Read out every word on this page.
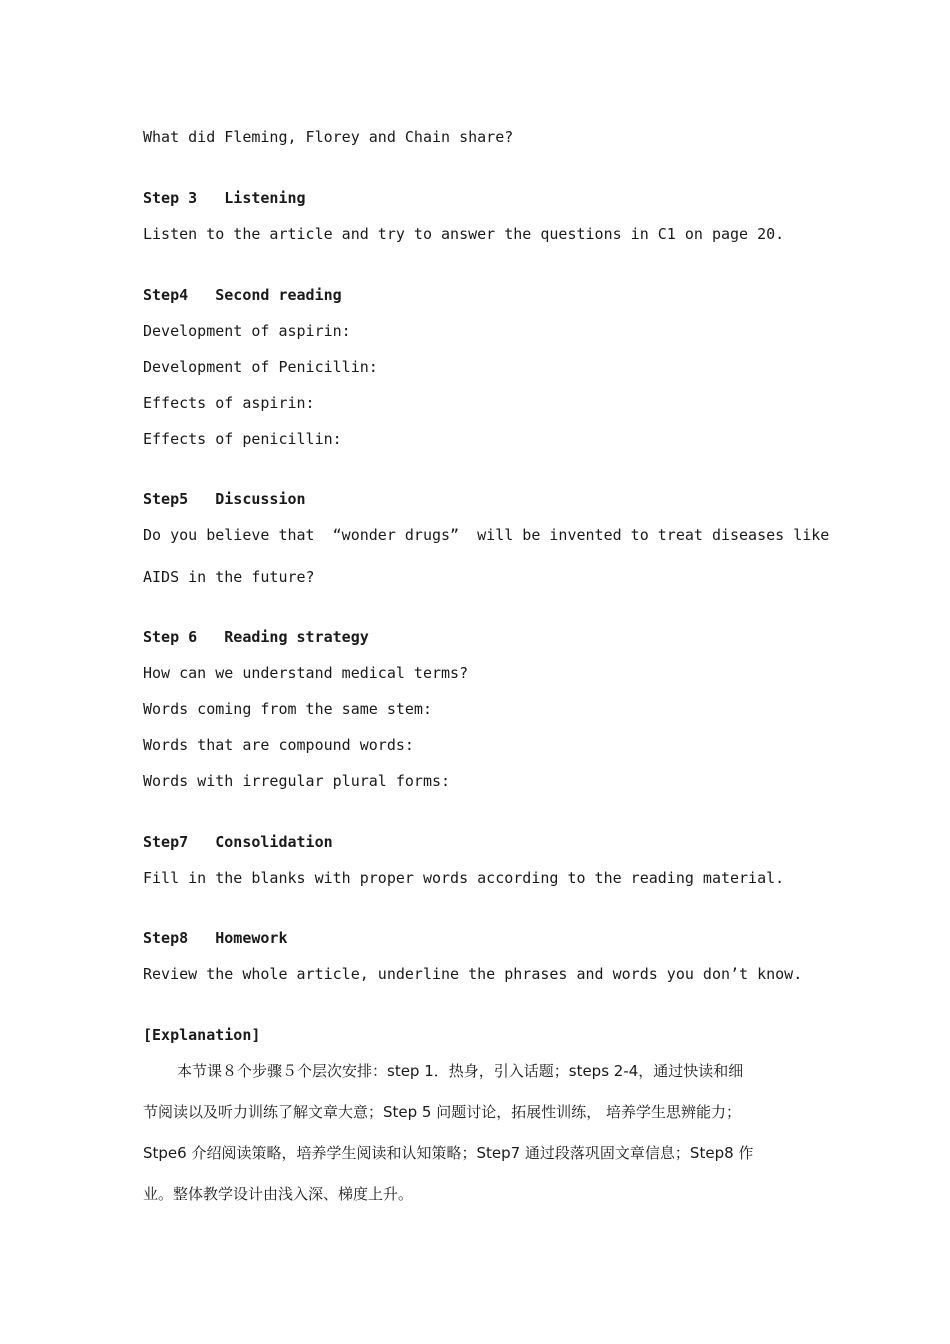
What did Fleming, Florey and Chain share?
Step 3   Listening
Listen to the article and try to answer the questions in C1 on page 20.
Step4   Second reading
Development of aspirin:
Development of Penicillin:
Effects of aspirin:
Effects of penicillin:
Step5   Discussion
Do you believe that  “wonder drugs”  will be invented to treat diseases like
AIDS in the future?
Step 6   Reading strategy
How can we understand medical terms?
Words coming from the same stem:
Words that are compound words:
Words with irregular plural forms:
Step7   Consolidation
Fill in the blanks with proper words according to the reading material.
Step8   Homework
Review the whole article, underline the phrases and words you don’t know.
[Explanation]
本节课８个步骤５个层次安排：step 1．热身，引入话题；steps 2-4，通过快读和细
节阅读以及听力训练了解文章大意；Step 5 问题讨论，拓展性训练， 培养学生思辨能力；
Stpe6 介绍阅读策略，培养学生阅读和认知策略；Step7 通过段落巩固文章信息；Step8 作
业。整体教学设计由浅入深、梯度上升。
